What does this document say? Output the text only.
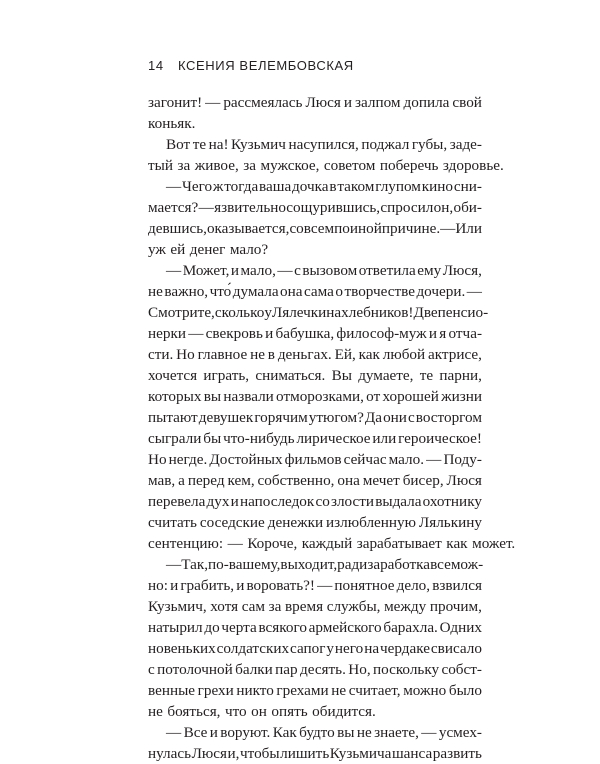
14 КСЕНИЯ ВЕЛЕМБОВСКАЯ
загонит! — рассмеялась Люся и залпом допила свой
коньяк.
Вот те на! Кузьмич насупился, поджал губы, заде-
тый за живое, за мужское, советом поберечь здоровье.
— Чего ж тогда ваша дочка в таком глупом кино сни-
мается? — язвительно сощурившись, спросил он, оби-
девшись, оказывается, совсем по иной причине. — Или
уж ей денег мало?
— Может, и мало, — с вызовом ответила ему Люся,
не важно, что́ думала она сама о творчестве дочери. —
Смотрите, сколько у Лялечки нахлебников! Две пенсио-
нерки — свекровь и бабушка, философ-муж и я отча-
сти. Но главное не в деньгах. Ей, как любой актрисе,
хочется играть, сниматься. Вы думаете, те парни,
которых вы назвали отморозками, от хорошей жизни
пытают девушек горячим утюгом? Да они с восторгом
сыграли бы что-нибудь лирическое или героическое!
Но негде. Достойных фильмов сейчас мало. — Поду-
мав, а перед кем, собственно, она мечет бисер, Люся
перевела дух и напоследок со злости выдала охотнику
считать соседские денежки излюбленную Лялькину
сентенцию: — Короче, каждый зарабатывает как может.
— Так, по-вашему, выходит, ради заработка все мож-
но: и грабить, и воровать?! — понятное дело, взвился
Кузьмич, хотя сам за время службы, между прочим,
натырил до черта всякого армейского барахла. Одних
новеньких солдатских сапог у него на чердаке свисало
с потолочной балки пар десять. Но, поскольку собст-
венные грехи никто грехами не считает, можно было
не бояться, что он опять обидится.
— Все и воруют. Как будто вы не знаете, — усмех-
нулась Люся и, чтобы лишить Кузьмича шанса развить
